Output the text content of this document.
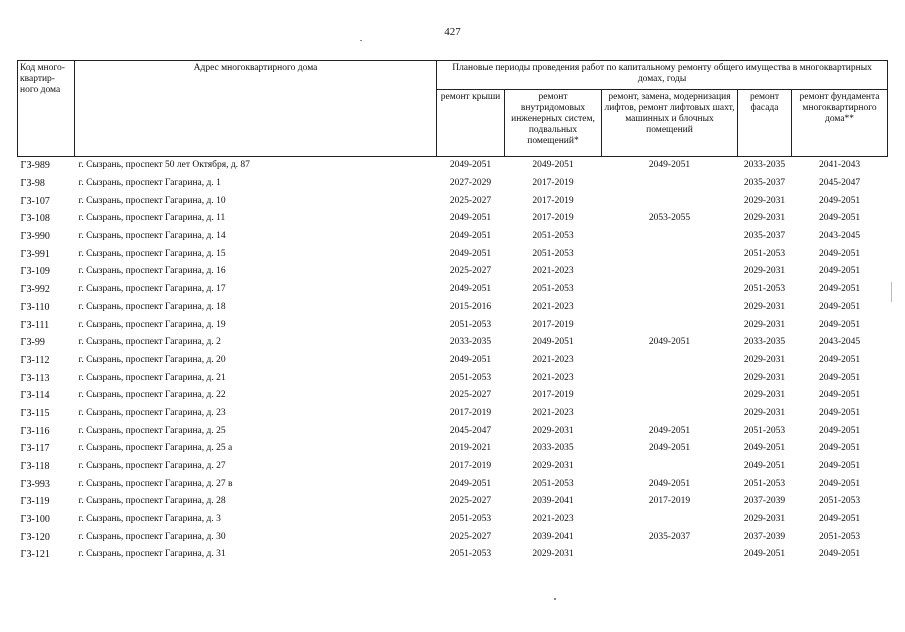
427
Код много-квартир-ного дома	Адрес многоквартирного дома	Плановые периоды проведения работ по капитальному ремонту общего имущества в многоквартирных домах, годы				
		ремонт крыши	ремонт внутридомовых инженерных систем, подвальных помещений*	ремонт, замена, модернизация лифтов, ремонт лифтовых шахт, машинных и блочных помещений	ремонт фасада	ремонт фундамента многоквартирного дома**
ГЗ-989	г. Сызрань, проспект 50 лет Октября, д. 87	2049-2051	2049-2051	2049-2051	2033-2035	2041-2043
ГЗ-98	г. Сызрань, проспект Гагарина, д. 1	2027-2029	2017-2019		2035-2037	2045-2047
ГЗ-107	г. Сызрань, проспект Гагарина, д. 10	2025-2027	2017-2019		2029-2031	2049-2051
ГЗ-108	г. Сызрань, проспект Гагарина, д. 11	2049-2051	2017-2019	2053-2055	2029-2031	2049-2051
ГЗ-990	г. Сызрань, проспект Гагарина, д. 14	2049-2051	2051-2053		2035-2037	2043-2045
ГЗ-991	г. Сызрань, проспект Гагарина, д. 15	2049-2051	2051-2053		2051-2053	2049-2051
ГЗ-109	г. Сызрань, проспект Гагарина, д. 16	2025-2027	2021-2023		2029-2031	2049-2051
ГЗ-992	г. Сызрань, проспект Гагарина, д. 17	2049-2051	2051-2053		2051-2053	2049-2051
ГЗ-110	г. Сызрань, проспект Гагарина, д. 18	2015-2016	2021-2023		2029-2031	2049-2051
ГЗ-111	г. Сызрань, проспект Гагарина, д. 19	2051-2053	2017-2019		2029-2031	2049-2051
ГЗ-99	г. Сызрань, проспект Гагарина, д. 2	2033-2035	2049-2051	2049-2051	2033-2035	2043-2045
ГЗ-112	г. Сызрань, проспект Гагарина, д. 20	2049-2051	2021-2023		2029-2031	2049-2051
ГЗ-113	г. Сызрань, проспект Гагарина, д. 21	2051-2053	2021-2023		2029-2031	2049-2051
ГЗ-114	г. Сызрань, проспект Гагарина, д. 22	2025-2027	2017-2019		2029-2031	2049-2051
ГЗ-115	г. Сызрань, проспект Гагарина, д. 23	2017-2019	2021-2023		2029-2031	2049-2051
ГЗ-116	г. Сызрань, проспект Гагарина, д. 25	2045-2047	2029-2031	2049-2051	2051-2053	2049-2051
ГЗ-117	г. Сызрань, проспект Гагарина, д. 25 а	2019-2021	2033-2035	2049-2051	2049-2051	2049-2051
ГЗ-118	г. Сызрань, проспект Гагарина, д. 27	2017-2019	2029-2031		2049-2051	2049-2051
ГЗ-993	г. Сызрань, проспект Гагарина, д. 27 в	2049-2051	2051-2053	2049-2051	2051-2053	2049-2051
ГЗ-119	г. Сызрань, проспект Гагарина, д. 28	2025-2027	2039-2041	2017-2019	2037-2039	2051-2053
ГЗ-100	г. Сызрань, проспект Гагарина, д. 3	2051-2053	2021-2023		2029-2031	2049-2051
ГЗ-120	г. Сызрань, проспект Гагарина, д. 30	2025-2027	2039-2041	2035-2037	2037-2039	2051-2053
ГЗ-121	г. Сызрань, проспект Гагарина, д. 31	2051-2053	2029-2031		2049-2051	2049-2051
